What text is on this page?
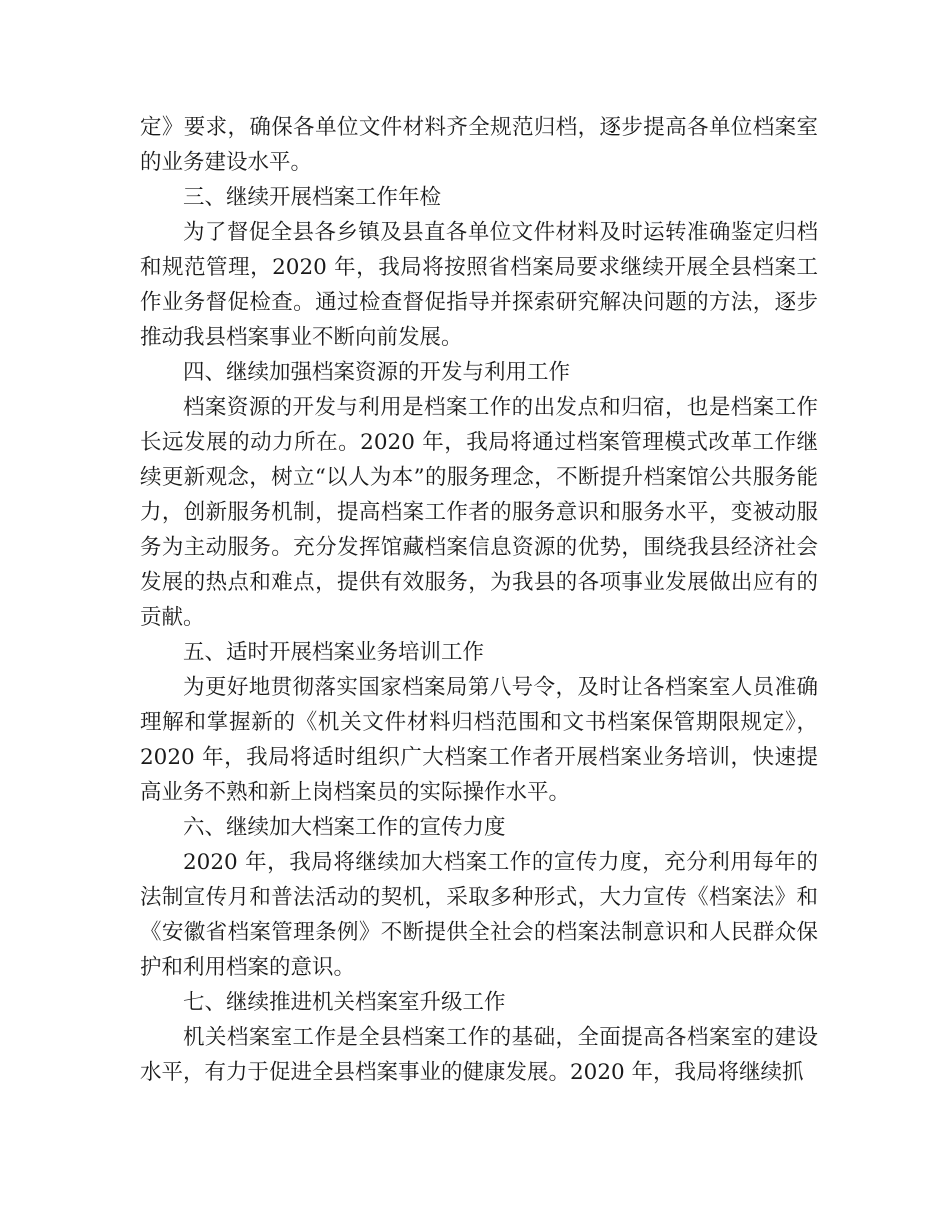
定》要求，确保各单位文件材料齐全规范归档，逐步提高各单位档案室的业务建设水平。

三、继续开展档案工作年检

为了督促全县各乡镇及县直各单位文件材料及时运转准确鉴定归档和规范管理，2020 年，我局将按照省档案局要求继续开展全县档案工作业务督促检查。通过检查督促指导并探索研究解决问题的方法，逐步推动我县档案事业不断向前发展。

四、继续加强档案资源的开发与利用工作

档案资源的开发与利用是档案工作的出发点和归宿，也是档案工作长远发展的动力所在。2020 年，我局将通过档案管理模式改革工作继续更新观念，树立“以人为本”的服务理念，不断提升档案馆公共服务能力，创新服务机制，提高档案工作者的服务意识和服务水平，变被动服务为主动服务。充分发挥馆藏档案信息资源的优势，围绕我县经济社会发展的热点和难点，提供有效服务，为我县的各项事业发展做出应有的贡献。

五、适时开展档案业务培训工作

为更好地贯彻落实国家档案局第八号令，及时让各档案室人员准确理解和掌握新的《机关文件材料归档范围和文书档案保管期限规定》，2020 年，我局将适时组织广大档案工作者开展档案业务培训，快速提高业务不熟和新上岗档案员的实际操作水平。

六、继续加大档案工作的宣传力度

2020 年，我局将继续加大档案工作的宣传力度，充分利用每年的法制宣传月和普法活动的契机，采取多种形式，大力宣传《档案法》和《安徽省档案管理条例》不断提供全社会的档案法制意识和人民群众保护和利用档案的意识。

七、继续推进机关档案室升级工作

机关档案室工作是全县档案工作的基础，全面提高各档案室的建设水平，有力于促进全县档案事业的健康发展。2020 年，我局将继续抓
